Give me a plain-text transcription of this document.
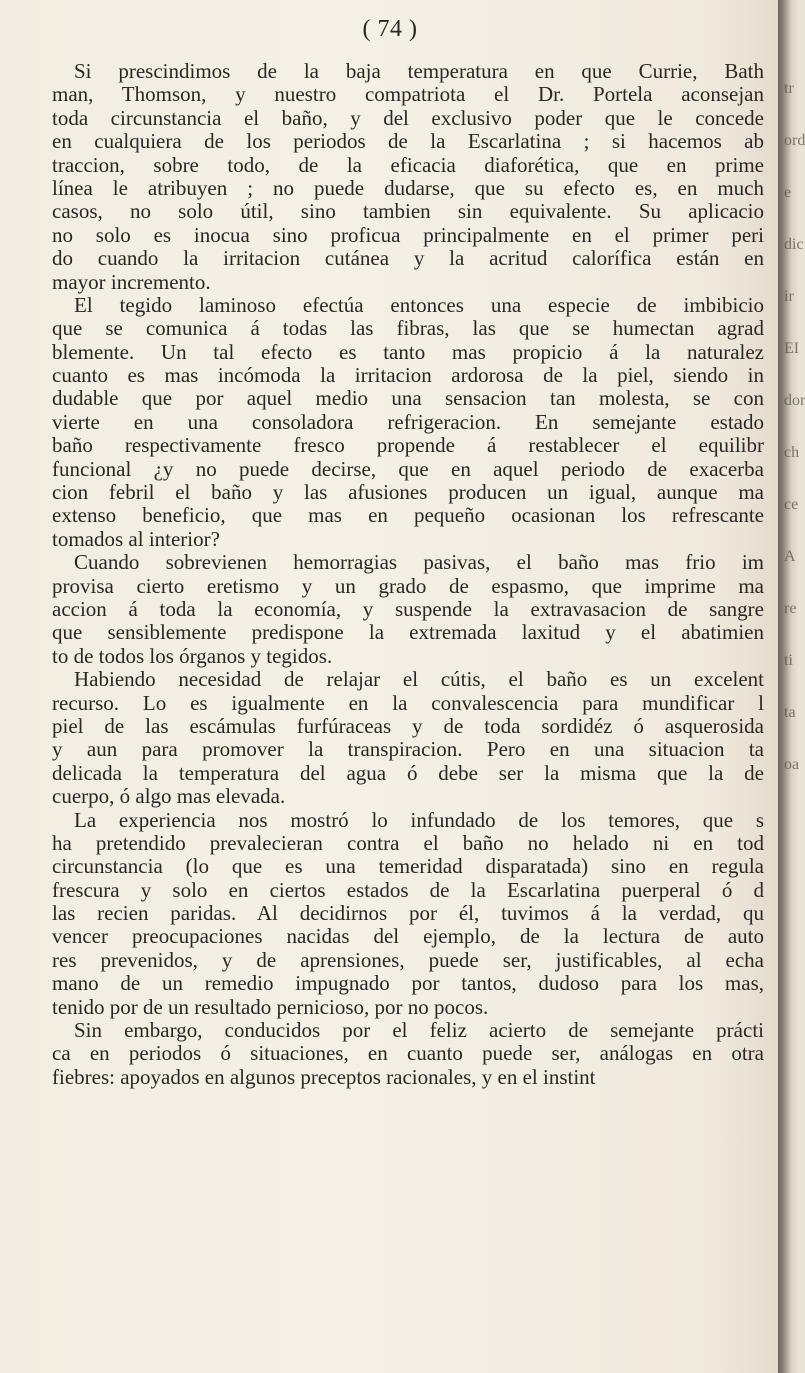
( 74 )
Si prescindimos de la baja temperatura en que Currie, Bath
man, Thomson, y nuestro compatriota el Dr. Portela aconsejan
toda circunstancia el baño, y del exclusivo poder que le concede
en cualquiera de los periodos de la Escarlatina ; si hacemos ab
traccion, sobre todo, de la eficacia diaforética, que en prime
línea le atribuyen ; no puede dudarse, que su efecto es, en much
casos, no solo útil, sino tambien sin equivalente. Su aplicacio
no solo es inocua sino proficua principalmente en el primer peri
do cuando la irritacion cutánea y la acritud calorífica están en
mayor incremento.
El tegido laminoso efectúa entonces una especie de imbibicio
que se comunica á todas las fibras, las que se humectan agrad
blemente. Un tal efecto es tanto mas propicio á la naturalez
cuanto es mas incómoda la irritacion ardorosa de la piel, siendo in
dudable que por aquel medio una sensacion tan molesta, se con
vierte en una consoladora refrigeracion. En semejante estado
baño respectivamente fresco propende á restablecer el equilibr
funcional ¿y no puede decirse, que en aquel periodo de exacerba
cion febril el baño y las afusiones producen un igual, aunque ma
extenso beneficio, que mas en pequeño ocasionan los refrescante
tomados al interior?
Cuando sobrevienen hemorragias pasivas, el baño mas frio im
provisa cierto eretismo y un grado de espasmo, que imprime ma
accion á toda la economía, y suspende la extravasacion de sangre
que sensiblemente predispone la extremada laxitud y el abatimien
to de todos los órganos y tegidos.
Habiendo necesidad de relajar el cútis, el baño es un excelent
recurso. Lo es igualmente en la convalescencia para mundificar l
piel de las escámulas furfúraceas y de toda sordidéz ó asquerosida
y aun para promover la transpiracion. Pero en una situacion ta
delicada la temperatura del agua ó debe ser la misma que la de
cuerpo, ó algo mas elevada.
La experiencia nos mostró lo infundado de los temores, que s
ha pretendido prevalecieran contra el baño no helado ni en tod
circunstancia (lo que es una temeridad disparatada) sino en regula
frescura y solo en ciertos estados de la Escarlatina puerperal ó d
las recien paridas. Al decidirnos por él, tuvimos á la verdad, qu
vencer preocupaciones nacidas del ejemplo, de la lectura de auto
res prevenidos, y de aprensiones, puede ser, justificables, al echa
mano de un remedio impugnado por tantos, dudoso para los mas,
tenido por de un resultado pernicioso, por no pocos.
Sin embargo, conducidos por el feliz acierto de semejante prácti
ca en periodos ó situaciones, en cuanto puede ser, análogas en otra
fiebres: apoyados en algunos preceptos racionales, y en el instint
tr
ord
e
dic
ir
EI
dor
ch
ce
A
re
ti
ta
oa
